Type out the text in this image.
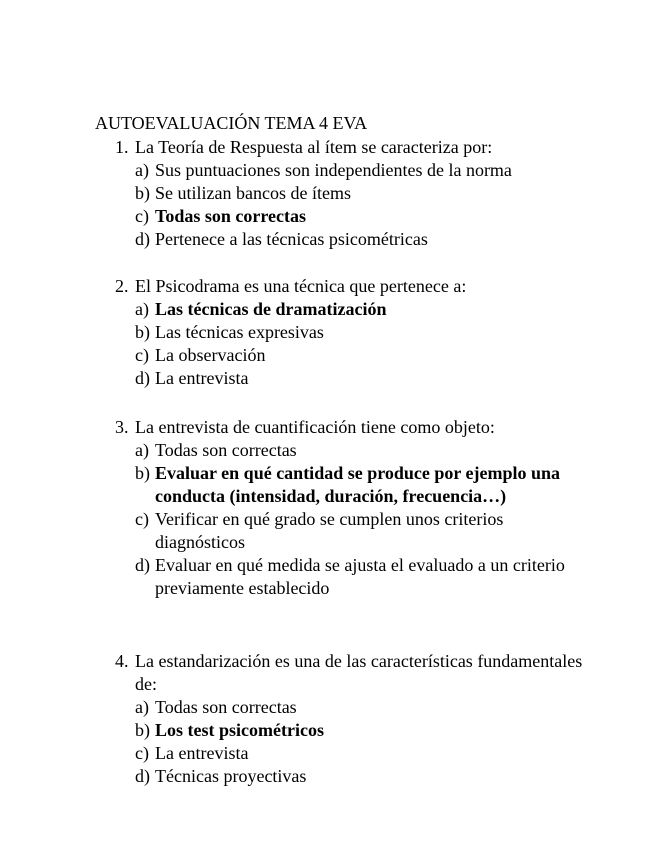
AUTOEVALUACIÓN TEMA 4 EVA
1. La Teoría de Respuesta al ítem se caracteriza por:
a) Sus puntuaciones son independientes de la norma
b) Se utilizan bancos de ítems
c) Todas son correctas
d) Pertenece a las técnicas psicométricas
2. El Psicodrama es una técnica que pertenece a:
a) Las técnicas de dramatización
b) Las técnicas expresivas
c) La observación
d) La entrevista
3. La entrevista de cuantificación tiene como objeto:
a) Todas son correctas
b) Evaluar en qué cantidad se produce por ejemplo una conducta (intensidad, duración, frecuencia…)
c) Verificar en qué grado se cumplen unos criterios diagnósticos
d) Evaluar en qué medida se ajusta el evaluado a un criterio previamente establecido
4. La estandarización es una de las características fundamentales de:
a) Todas son correctas
b) Los test psicométricos
c) La entrevista
d) Técnicas proyectivas
